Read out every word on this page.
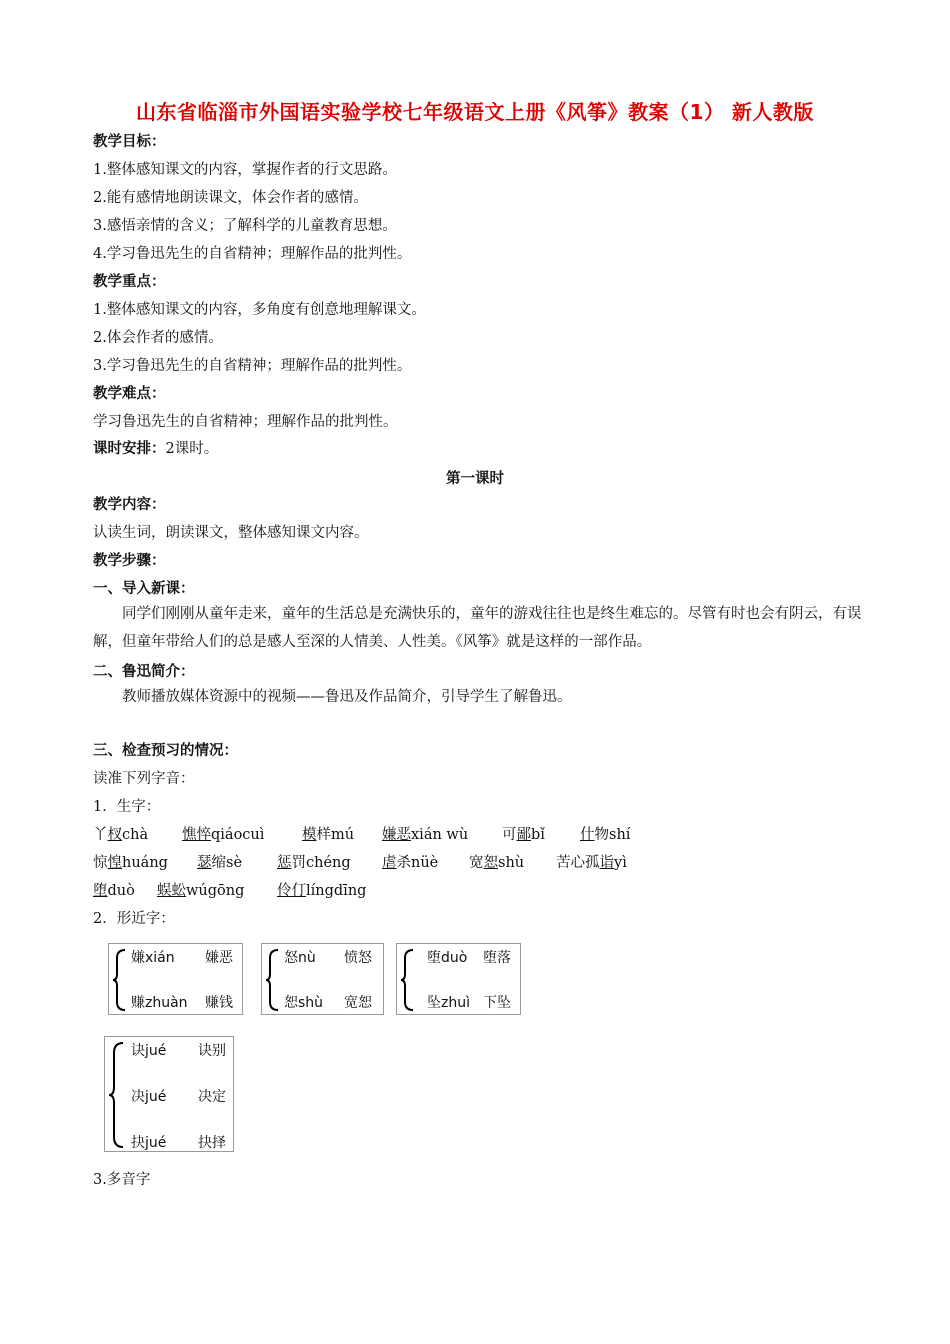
山东省临淄市外国语实验学校七年级语文上册《风筝》教案（1） 新人教版
教学目标：
1.整体感知课文的内容，掌握作者的行文思路。
2.能有感情地朗读课文，体会作者的感情。
3.感悟亲情的含义；了解科学的儿童教育思想。
4.学习鲁迅先生的自省精神；理解作品的批判性。
教学重点：
1.整体感知课文的内容，多角度有创意地理解课文。
2.体会作者的感情。
3.学习鲁迅先生的自省精神；理解作品的批判性。
教学难点：
学习鲁迅先生的自省精神；理解作品的批判性。
课时安排：2课时。
第一课时
教学内容：
认读生词，朗读课文，整体感知课文内容。
教学步骤：
一、导入新课：
同学们刚刚从童年走来，童年的生活总是充满快乐的，童年的游戏往往也是终生难忘的。尽管有时也会有阴云，有误解，但童年带给人们的总是感人至深的人情美、人性美。《风筝》就是这样的一部作品。
二、鲁迅简介：
教师播放媒体资源中的视频——鲁迅及作品简介，引导学生了解鲁迅。
三、检查预习的情况：
读准下列字音：
1．生字：
丫杈chà 憔悴qiáocuì	模样mú 嫌恶xián wù 可鄙bǐ 什物shí
惊惶huáng 瑟缩sè 惩罚chéng 虐杀nüè 宽恕shù 苦心孤诣yì
堕duò 蜈蚣wúgōng 伶仃língdīng
2．形近字：
嫌xián 嫌恶
赚zhuàn 赚钱
怒nù 愤怒
恕shù 宽恕
堕duò 堕落
坠zhuì 下坠
诀jué 诀别
决jué 决定
抉jué 抉择
3.多音字
